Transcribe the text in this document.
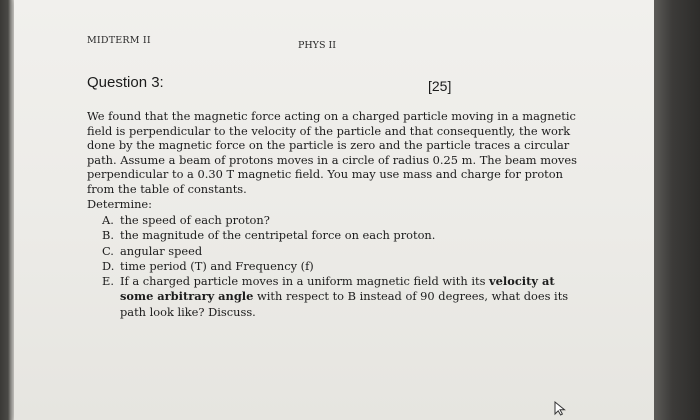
MIDTERM II	PHYS II
Question 3:	[25]

We found that the magnetic force acting on a charged particle moving in a magnetic field is perpendicular to the velocity of the particle and that consequently, the work done by the magnetic force on the particle is zero and the particle traces a circular path. Assume a beam of protons moves in a circle of radius 0.25 m. The beam moves perpendicular to a 0.30 T magnetic field. You may use mass and charge for proton from the table of constants.

Determine:
A. the speed of each proton?
B. the magnitude of the centripetal force on each proton.
C. angular speed
D. time period (T) and Frequency (f)
E. If a charged particle moves in a uniform magnetic field with its velocity at some arbitrary angle with respect to B instead of 90 degrees, what does its path look like? Discuss.
